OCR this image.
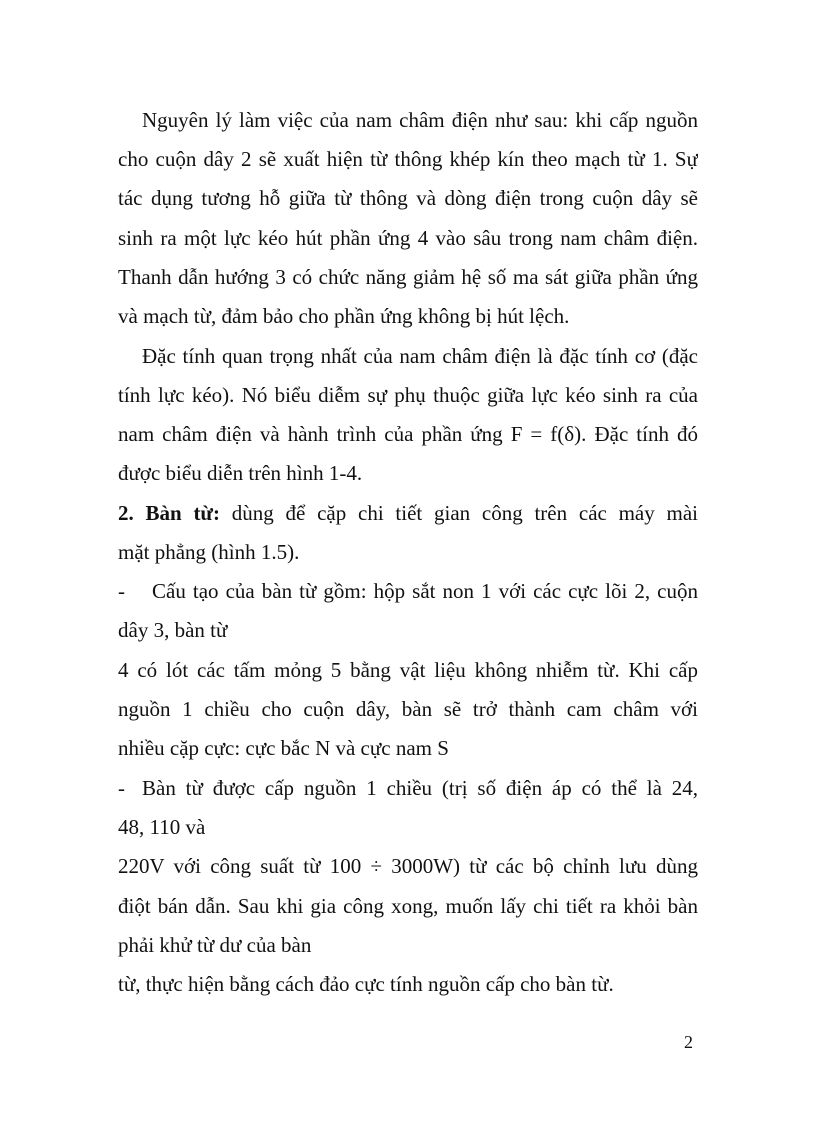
Nguyên lý làm việc của nam châm điện như sau: khi cấp nguồn
cho cuộn dây 2 sẽ xuất hiện từ thông khép kín theo mạch từ 1. Sự
tác dụng tương hỗ giữa từ thông và dòng điện trong cuộn dây sẽ
sinh ra một lực kéo hút phần ứng 4 vào sâu trong nam châm điện.
Thanh dẫn hướng 3 có chức năng giảm hệ số ma sát giữa phần ứng
và mạch từ, đảm bảo cho phần ứng không bị hút lệch.
Đặc tính quan trọng nhất của nam châm điện là đặc tính cơ (đặc
tính lực kéo). Nó biểu diễm sự phụ thuộc giữa lực kéo sinh ra của
nam châm điện và hành trình của phần ứng F = f(δ). Đặc tính đó
được biểu diễn trên hình 1-4.
2. Bàn từ: dùng để cặp chi tiết gian công trên các máy mài
mặt phẳng (hình 1.5).
- Cấu tạo của bàn từ gồm: hộp sắt non 1 với các cực lõi 2, cuộn
dây 3, bàn từ
4 có lót các tấm mỏng 5 bằng vật liệu không nhiễm từ. Khi cấp
nguồn 1 chiều cho cuộn dây, bàn sẽ trở thành cam châm với
nhiều cặp cực: cực bắc N và cực nam S
- Bàn từ được cấp nguồn 1 chiều (trị số điện áp có thể là 24,
48, 110 và
220V với công suất từ 100 ÷ 3000W) từ các bộ chỉnh lưu dùng
điột bán dẫn. Sau khi gia công xong, muốn lấy chi tiết ra khỏi bàn
phải khử từ dư của bàn
từ, thực hiện bằng cách đảo cực tính nguồn cấp cho bàn từ.
2
